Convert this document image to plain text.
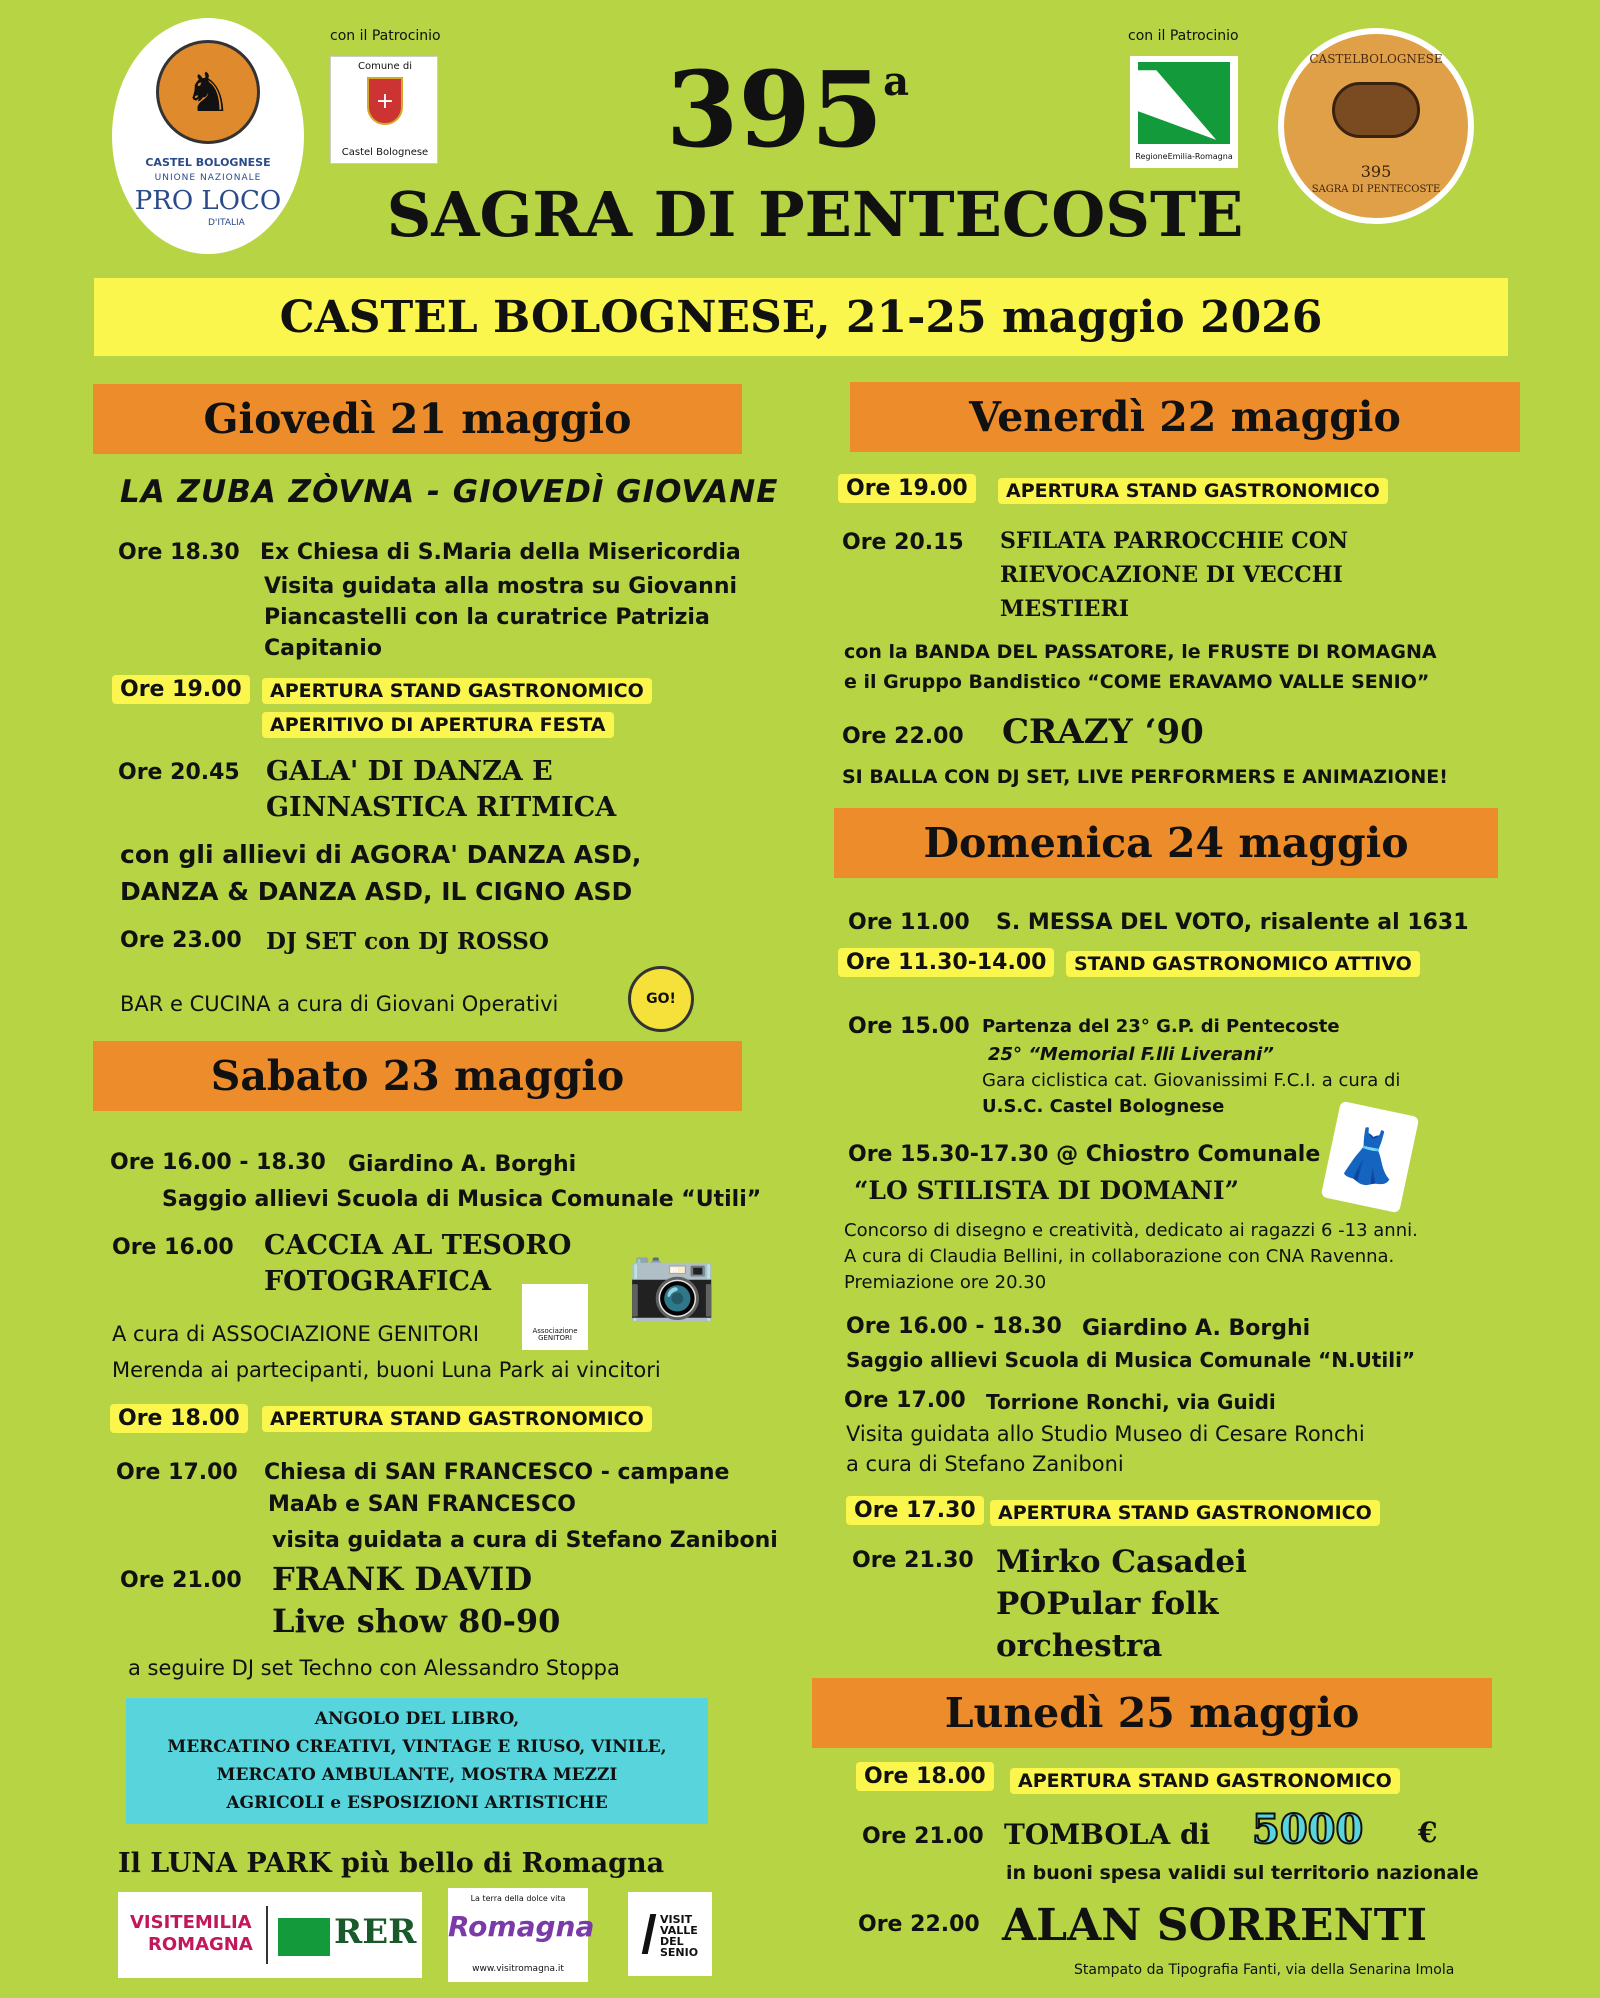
♞
CASTEL BOLOGNESE
UNIONE NAZIONALE
PRO LOCO
D'ITALIA
con il Patrocinio
Comune di
+
Castel Bolognese 395$^a$
SAGRA DI PENTECOSTE
con il Patrocinio
RegioneEmilia-Romagna
CASTELBOLOGNESE
395
SAGRA DI PENTECOSTE
CASTEL BOLOGNESE, 21-25 maggio 2026
Giovedì 21 maggio
LA ZUBA ZÒVNA - GIOVEDÌ GIOVANE
Ore 18.30 Ex Chiesa di S.Maria della Misericordia
Visita guidata alla mostra su Giovanni
Piancastelli con la curatrice Patrizia
Capitanio
Ore 19.00	APERTURA STAND GASTRONOMICO
APERITIVO DI APERTURA FESTA
Ore 20.45 GALA' DI DANZA E
GINNASTICA RITMICA
con gli allievi di AGORA' DANZA ASD,
DANZA & DANZA ASD, IL CIGNO ASD
Ore 23.00 DJ SET con DJ ROSSO
BAR e CUCINA a cura di Giovani Operativi	GO!
Sabato 23 maggio
Ore 16.00 - 18.30 Giardino A. Borghi
Saggio allievi Scuola di Musica Comunale “Utili”
Ore 16.00 CACCIA AL TESORO
FOTOGRAFICA 📷
A cura di ASSOCIAZIONE GENITORI	Associazione GENITORI
Merenda ai partecipanti, buoni Luna Park ai vincitori
Ore 18.00	APERTURA STAND GASTRONOMICO
Ore 17.00 Chiesa di SAN FRANCESCO - campane
MaAb e SAN FRANCESCO
visita guidata a cura di Stefano Zaniboni
Ore 21.00 FRANK DAVID
Live show 80-90
a seguire DJ set Techno con Alessandro Stoppa
ANGOLO DEL LIBRO,
MERCATINO CREATIVI, VINTAGE E RIUSO, VINILE,
MERCATO AMBULANTE, MOSTRA MEZZI
AGRICOLI e ESPOSIZIONI ARTISTICHE
Il LUNA PARK più bello di Romagna
VISITEMILIA
ROMAGNA RER
La terra della dolce vita
Romagna
www.visitromagna.it
VISIT VALLE DEL SENIO
Venerdì 22 maggio
Ore 19.00	APERTURA STAND GASTRONOMICO
Ore 20.15 SFILATA PARROCCHIE CON
RIEVOCAZIONE DI VECCHI
MESTIERI
con la BANDA DEL PASSATORE, le FRUSTE DI ROMAGNA
e il Gruppo Bandistico “COME ERAVAMO VALLE SENIO”
Ore 22.00 CRAZY ‘90
SI BALLA CON DJ SET, LIVE PERFORMERS E ANIMAZIONE!
Domenica 24 maggio
Ore 11.00 S. MESSA DEL VOTO, risalente al 1631
Ore 11.30-14.00	STAND GASTRONOMICO ATTIVO
Ore 15.00 Partenza del 23° G.P. di Pentecoste
25° “Memorial F.lli Liverani”
Gara ciclistica cat. Giovanissimi F.C.I. a cura di
U.S.C. Castel Bolognese
Ore 15.30-17.30 @ Chiostro Comunale
“LO STILISTA DI DOMANI” 👗
Concorso di disegno e creatività, dedicato ai ragazzi 6 -13 anni.
A cura di Claudia Bellini, in collaborazione con CNA Ravenna.
Premiazione ore 20.30
Ore 16.00 - 18.30 Giardino A. Borghi
Saggio allievi Scuola di Musica Comunale “N.Utili”
Ore 17.00 Torrione Ronchi, via Guidi
Visita guidata allo Studio Museo di Cesare Ronchi
a cura di Stefano Zaniboni
Ore 17.30	APERTURA STAND GASTRONOMICO
Ore 21.30 Mirko Casadei
POPular folk
orchestra
Lunedì 25 maggio
Ore 18.00	APERTURA STAND GASTRONOMICO
Ore 21.00 TOMBOLA di 5000 €
in buoni spesa validi sul territorio nazionale
Ore 22.00 ALAN SORRENTI
Stampato da Tipografia Fanti, via della Senarina Imola
